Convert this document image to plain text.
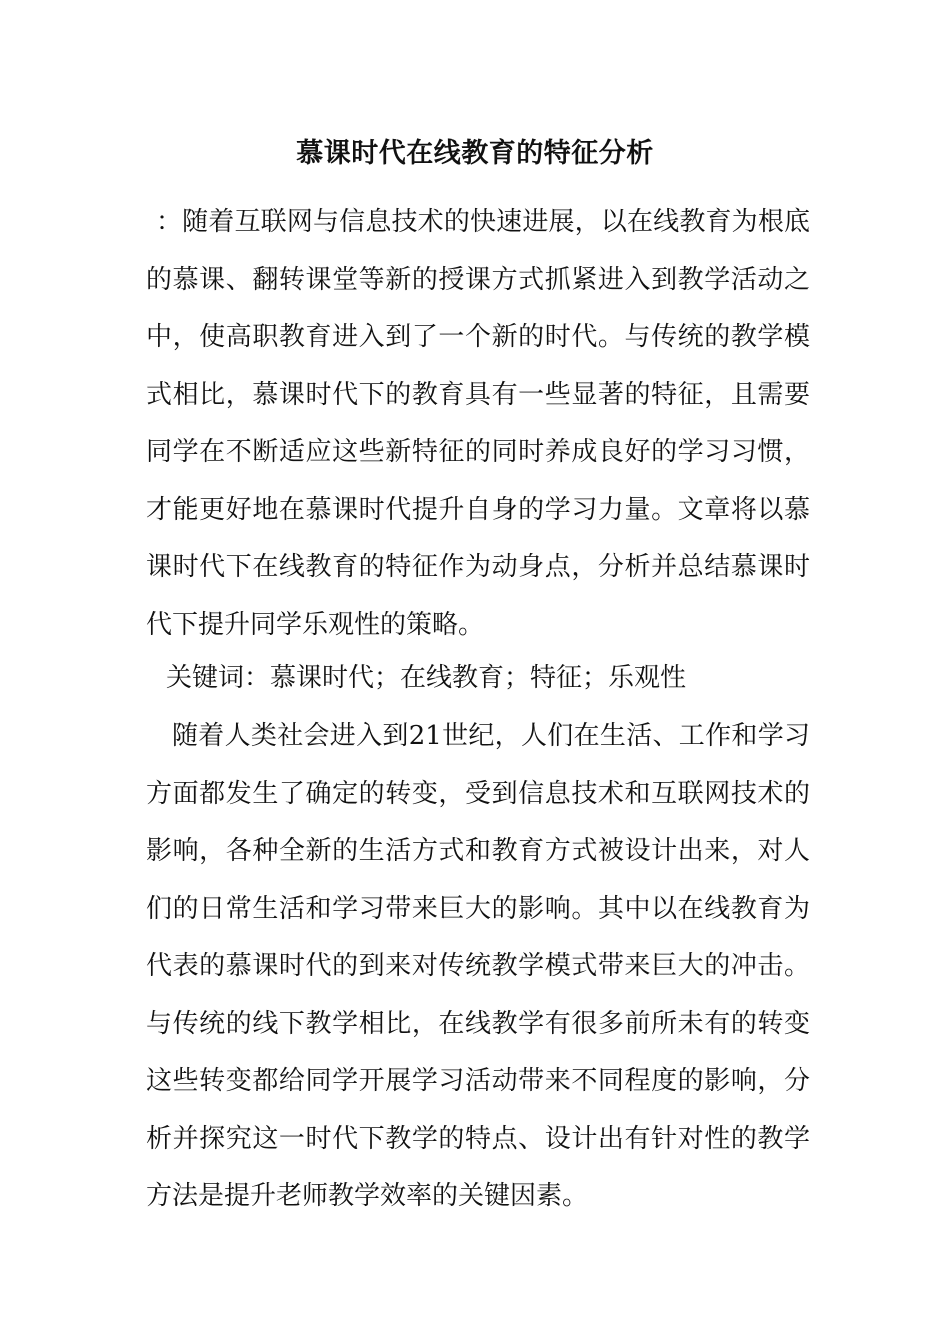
慕课时代在线教育的特征分析

：随着互联网与信息技术的快速进展，以在线教育为根底的慕课、翻转课堂等新的授课方式抓紧进入到教学活动之中，使高职教育进入到了一个新的时代。与传统的教学模式相比，慕课时代下的教育具有一些显著的特征，且需要同学在不断适应这些新特征的同时养成良好的学习习惯，才能更好地在慕课时代提升自身的学习力量。文章将以慕课时代下在线教育的特征作为动身点，分析并总结慕课时代下提升同学乐观性的策略。

关键词：慕课时代；在线教育；特征；乐观性

随着人类社会进入到21世纪，人们在生活、工作和学习方面都发生了确定的转变，受到信息技术和互联网技术的影响，各种全新的生活方式和教育方式被设计出来，对人们的日常生活和学习带来巨大的影响。其中以在线教育为代表的慕课时代的到来对传统教学模式带来巨大的冲击。与传统的线下教学相比，在线教学有很多前所未有的转变这些转变都给同学开展学习活动带来不同程度的影响，分析并探究这一时代下教学的特点、设计出有针对性的教学方法是提升老师教学效率的关键因素。
